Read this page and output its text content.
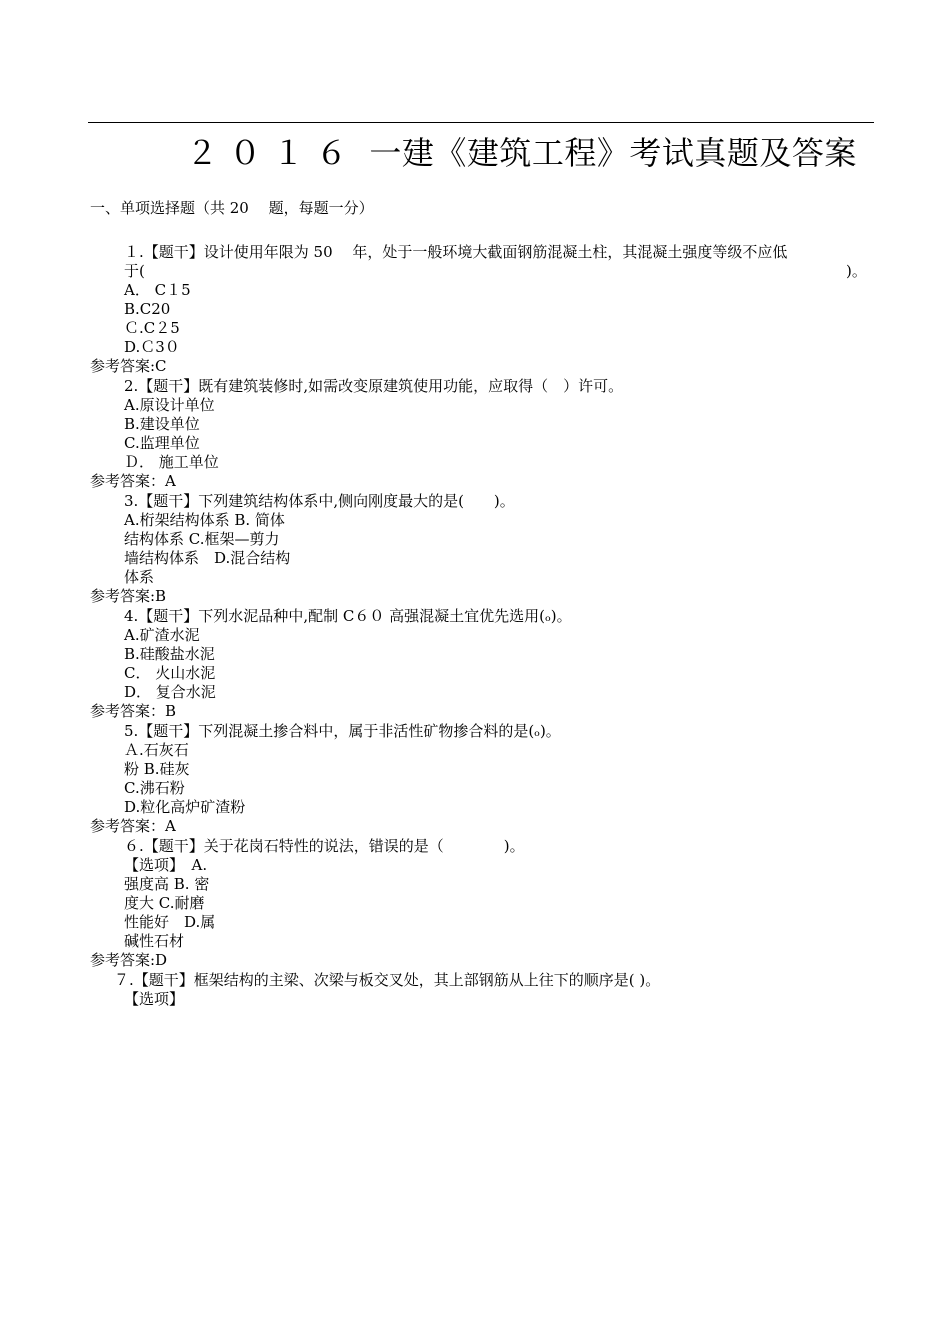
２ ０ １ ６  一建《建筑工程》考试真题及答案
一、单项选择题（共 20　 题，每题一分）
１.【题干】设计使用年限为 50　 年，处于一般环境大截面钢筋混凝土柱，其混凝土强度等级不应低
于(	)。
A． C１5
B.C20
Ｃ.C２5
D.Ｃ3０
参考答案:C
2.【题干】既有建筑装修时,如需改变原建筑使用功能，应取得（　）许可。
A.原设计单位
B.建设单位
C.监理单位
Ｄ． 施工单位
参考答案：A
3.【题干】下列建筑结构体系中,侧向刚度最大的是(　　)。
A.桁架结构体系 B. 简体
结构体系 C.框架—剪力
墙结构体系　D.混合结构
体系
参考答案:B
4.【题干】下列水泥品种中,配制 C６０ 高强混凝土宜优先选用(ₒ)。
A.矿渣水泥
B.硅酸盐水泥
C． 火山水泥
D． 复合水泥
参考答案：B
5.【题干】下列混凝土掺合料中，属于非活性矿物掺合料的是(ₒ)。
Ａ.石灰石
粉 B.硅灰
C.沸石粉
D.粒化高炉矿渣粉
参考答案：A
６.【题干】关于花岗石特性的说法，错误的是（　　　　)。
【选项】　A.
强度高 B. 密
度大 C.耐磨
性能好　D.属
碱性石材
参考答案:D
７.【题干】框架结构的主梁、次梁与板交叉处，其上部钢筋从上往下的顺序是( )。
【选项】
